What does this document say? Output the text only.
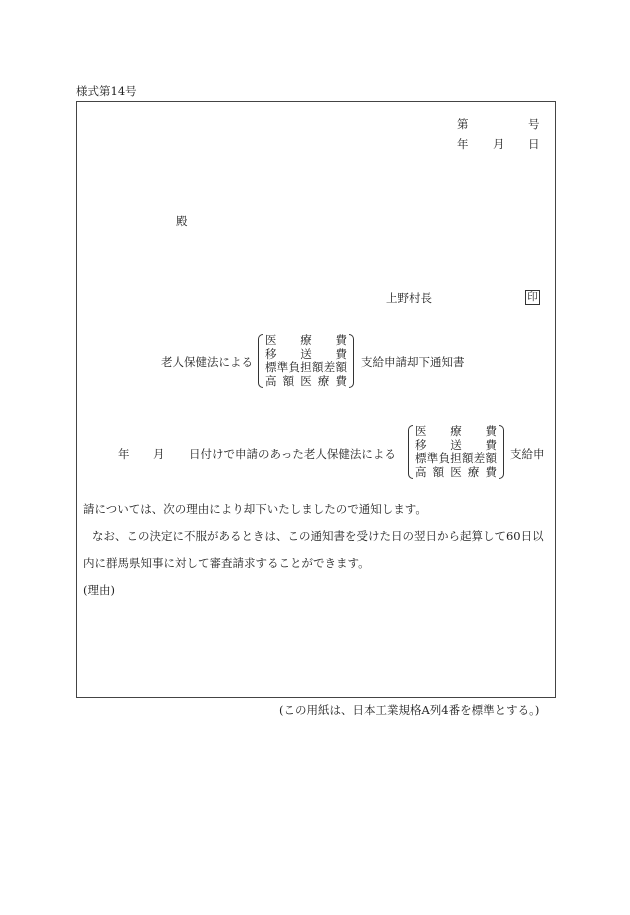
様式第14号
第	号
年 月 日
殿
上野村長	印
老人保健法による
医療費
移送費
標準負担額差額
高額医療費
支給申請却下通知書
年 月 日付けで申請のあった老人保健法による
医療費
移送費
標準負担額差額
高額医療費
支給申
請については、次の理由により却下いたしましたので通知します。
なお、この決定に不服があるときは、この通知書を受けた日の翌日から起算して60日以
内に群馬県知事に対して審査請求することができます。
(理由)
(この用紙は、日本工業規格A列4番を標準とする。)
